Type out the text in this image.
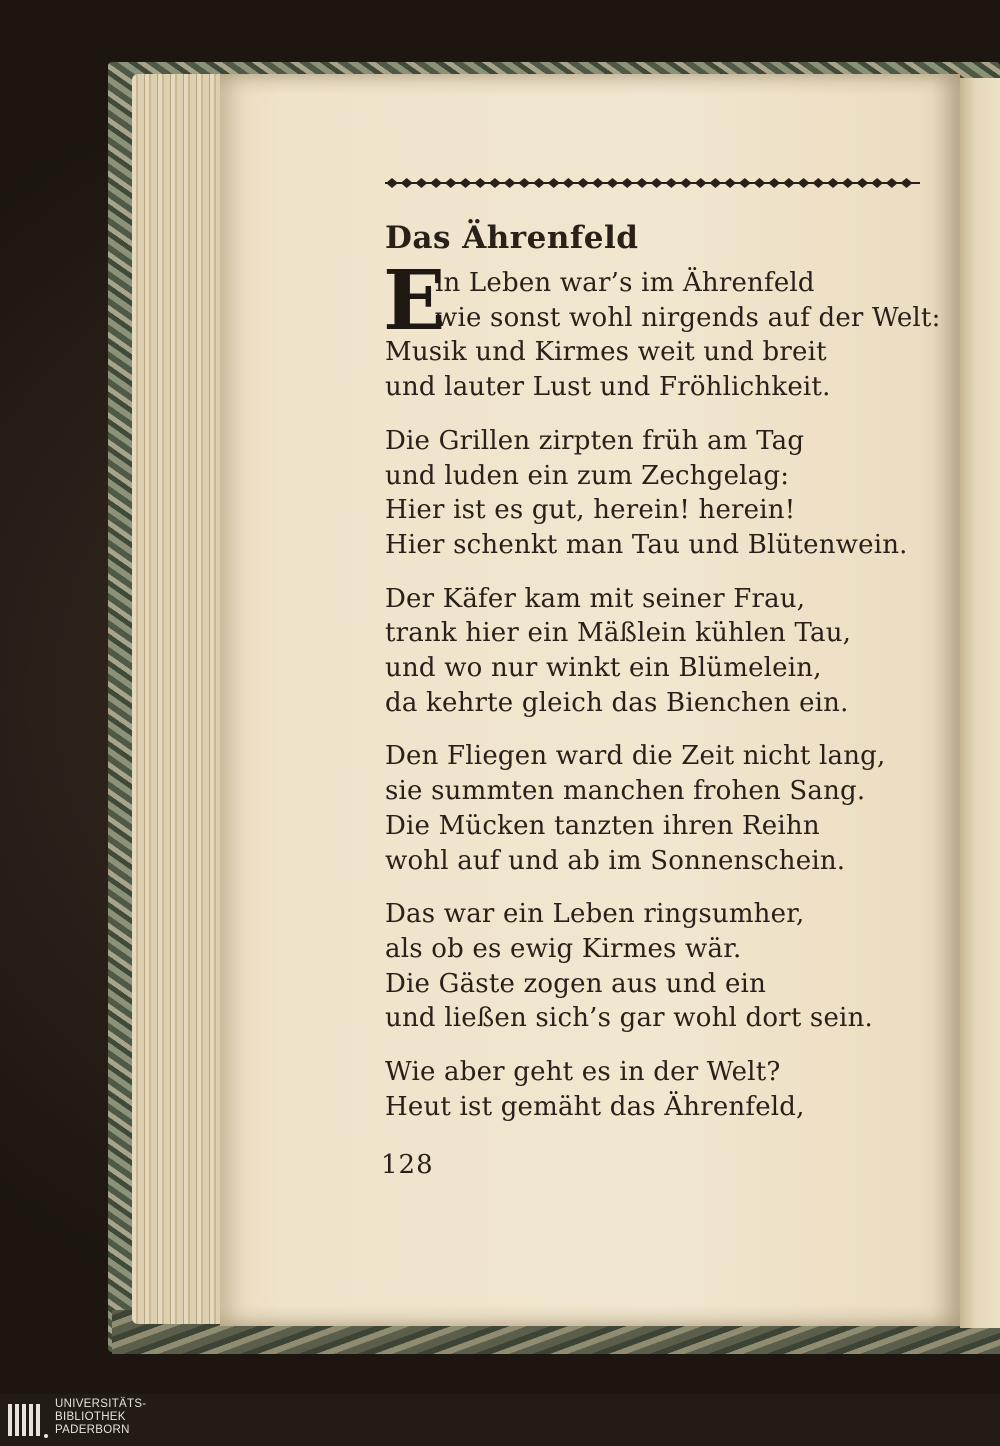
Das Ährenfeld
E
in Leben war’s im Ährenfeld
wie sonst wohl nirgends auf der Welt:
Musik und Kirmes weit und breit
und lauter Lust und Fröhlichkeit.
Die Grillen zirpten früh am Tag
und luden ein zum Zechgelag:
Hier ist es gut, herein! herein!
Hier schenkt man Tau und Blütenwein.
Der Käfer kam mit seiner Frau,
trank hier ein Mäßlein kühlen Tau,
und wo nur winkt ein Blümelein,
da kehrte gleich das Bienchen ein.
Den Fliegen ward die Zeit nicht lang,
sie summten manchen frohen Sang.
Die Mücken tanzten ihren Reihn
wohl auf und ab im Sonnenschein.
Das war ein Leben ringsumher,
als ob es ewig Kirmes wär.
Die Gäste zogen aus und ein
und ließen sich’s gar wohl dort sein.
Wie aber geht es in der Welt?
Heut ist gemäht das Ährenfeld,
128
UNIVERSITÄTS-
BIBLIOTHEK
PADERBORN
